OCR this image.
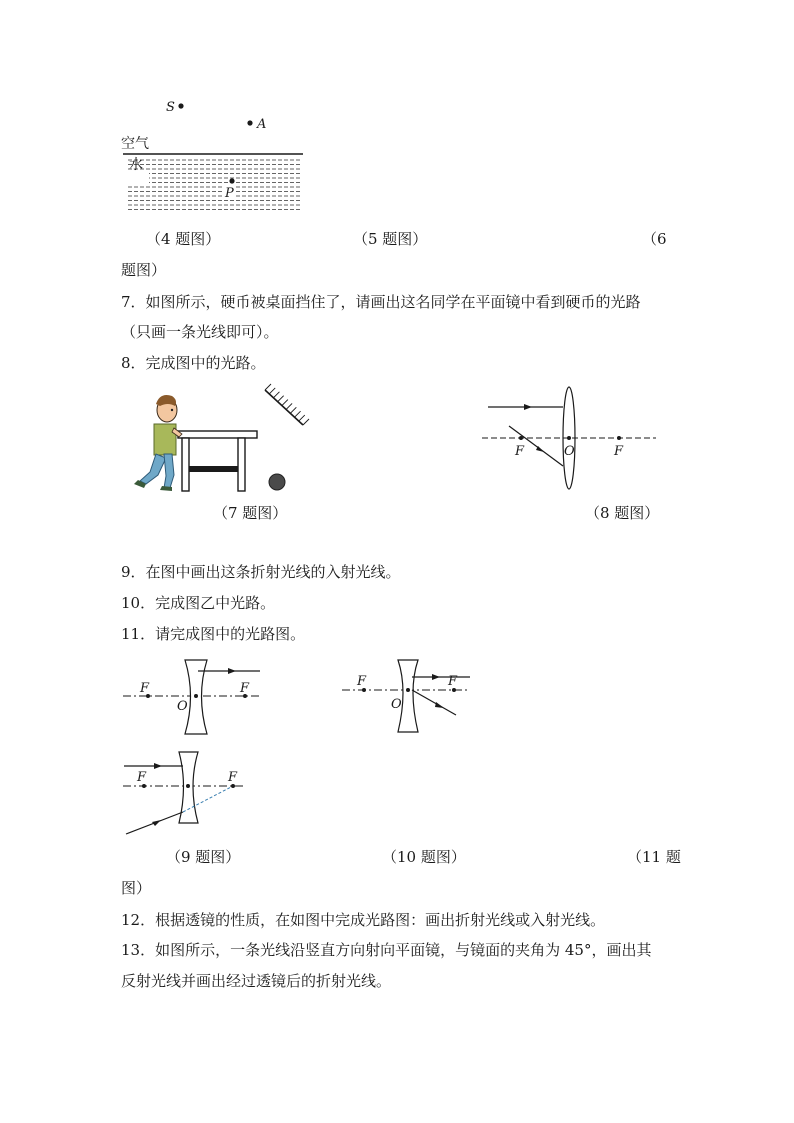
S
A
空气
水
P
（4 题图）	（5 题图）	（6
题图）
7．如图所示，硬币被桌面挡住了，请画出这名同学在平面镜中看到硬币的光路
（只画一条光线即可）。
8．完成图中的光路。
F	O	F
（7 题图）	（8 题图）
9．在图中画出这条折射光线的入射光线。
10．完成图乙中光路。
11．请完成图中的光路图。
F
O
F	F
O
F
F	F
（9 题图）	（10 题图）	（11 题
图）
12．根据透镜的性质，在如图中完成光路图：画出折射光线或入射光线。
13．如图所示，一条光线沿竖直方向射向平面镜，与镜面的夹角为 45°，画出其
反射光线并画出经过透镜后的折射光线。
